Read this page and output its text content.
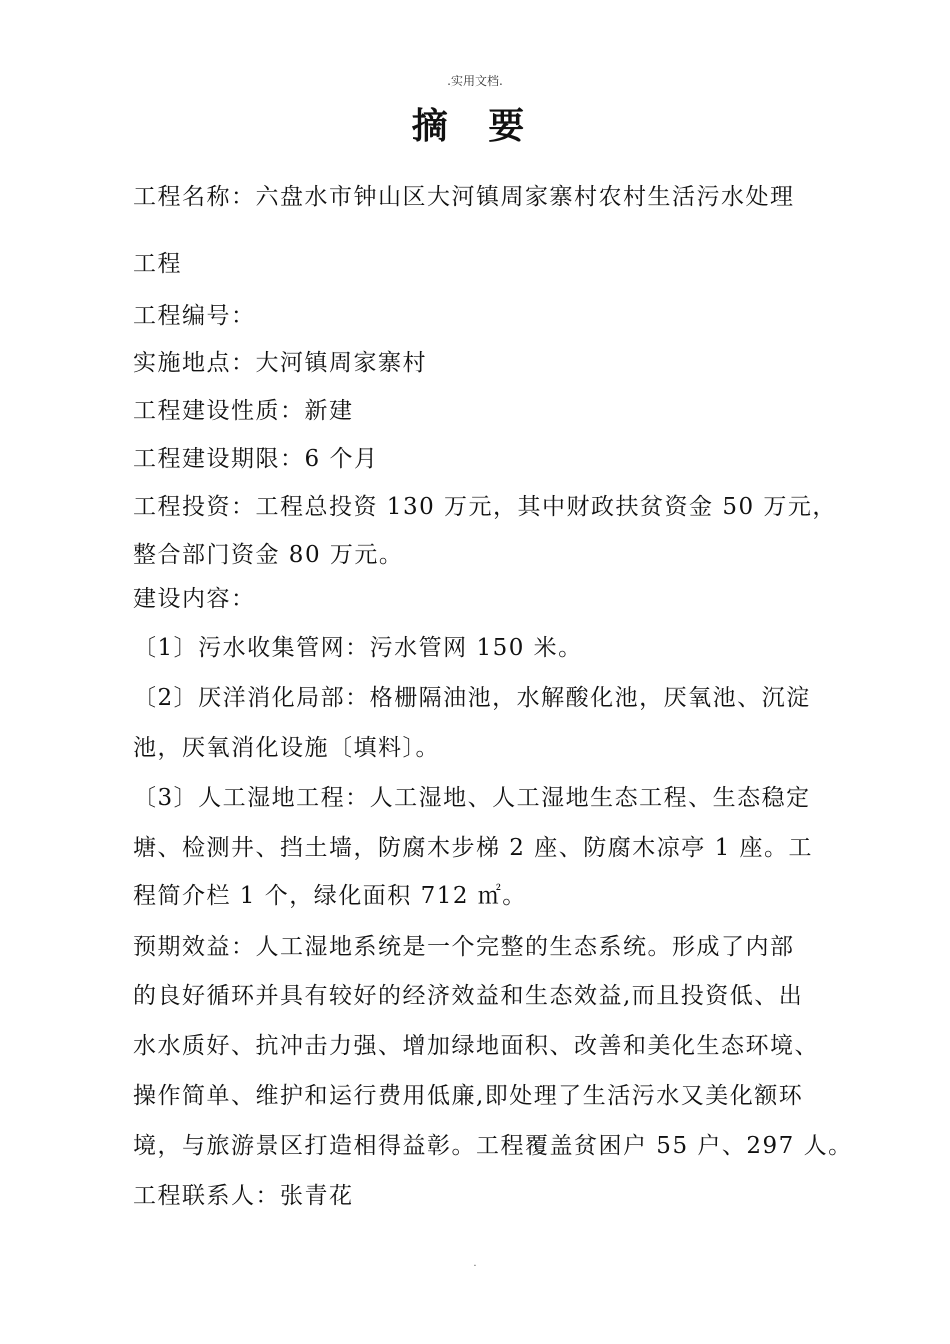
.实用文档.
摘 要
工程名称：六盘水市钟山区大河镇周家寨村农村生活污水处理
工程
工程编号：
实施地点：大河镇周家寨村
工程建设性质：新建
工程建设期限：6 个月
工程投资：工程总投资 130 万元，其中财政扶贫资金 50 万元，
整合部门资金 80 万元。
建设内容：
〔1〕污水收集管网：污水管网 150 米。
〔2〕厌洋消化局部：格栅隔油池，水解酸化池，厌氧池、沉淀
池，厌氧消化设施〔填料〕。
〔3〕人工湿地工程：人工湿地、人工湿地生态工程、生态稳定
塘、检测井、挡土墙，防腐木步梯 2 座、防腐木凉亭 1 座。工
程简介栏 1 个，绿化面积 712 ㎡。
预期效益：人工湿地系统是一个完整的生态系统。形成了内部
的良好循环并具有较好的经济效益和生态效益,而且投资低、出
水水质好、抗冲击力强、增加绿地面积、改善和美化生态环境、
操作简单、维护和运行费用低廉,即处理了生活污水又美化额环
境，与旅游景区打造相得益彰。工程覆盖贫困户 55 户、297 人。
工程联系人：张青花
.
